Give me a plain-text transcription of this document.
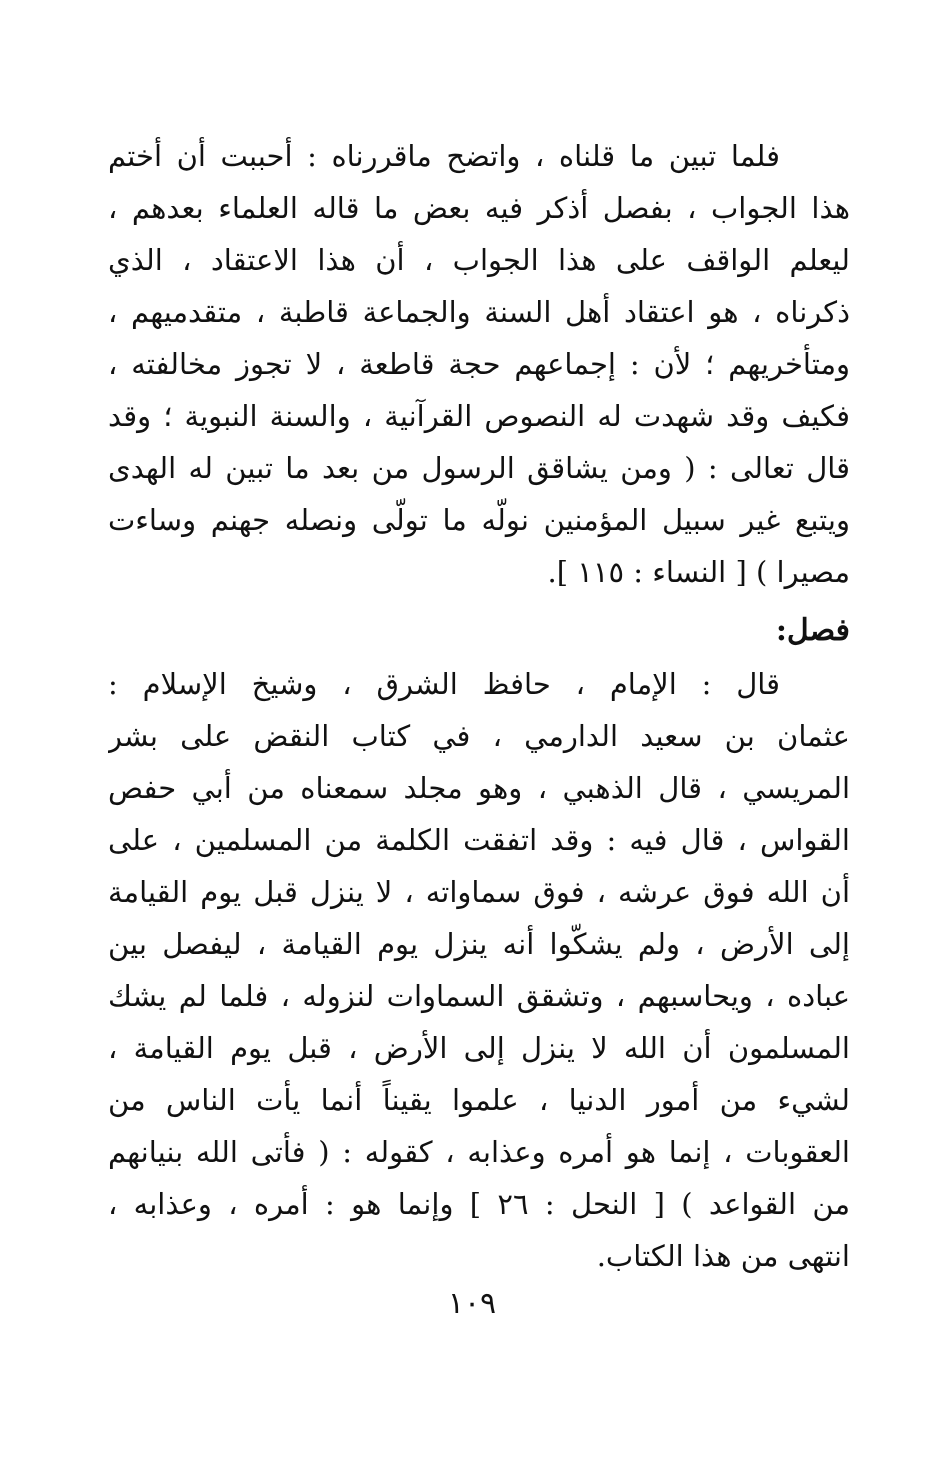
فلما تبين ما قلناه ، واتضح ماقررناه : أحببت أن أختم
هذا الجواب ، بفصل أذكر فيه بعض ما قاله العلماء بعدهم ،
ليعلم الواقف على هذا الجواب ، أن هذا الاعتقاد ، الذي
ذكرناه ، هو اعتقاد أهل السنة والجماعة قاطبة ، متقدميهم ،
ومتأخريهم ؛ لأن : إجماعهم حجة قاطعة ، لا تجوز مخالفته ،
فكيف وقد شهدت له النصوص القرآنية ، والسنة النبوية ؛ وقد
قال تعالى : ( ومن يشاقق الرسول من بعد ما تبين له الهدى
ويتبع غير سبيل المؤمنين نولّه ما تولّى ونصله جهنم وساءت
مصيرا ) [ النساء : ١١٥ ].
فصل:
قال : الإمام ، حافظ الشرق ، وشيخ الإسلام :
عثمان بن سعيد الدارمي ، في كتاب النقض على بشر
المريسي ، قال الذهبي ، وهو مجلد سمعناه من أبي حفص
القواس ، قال فيه : وقد اتفقت الكلمة من المسلمين ، على
أن الله فوق عرشه ، فوق سماواته ، لا ينزل قبل يوم القيامة
إلى الأرض ، ولم يشكّوا أنه ينزل يوم القيامة ، ليفصل بين
عباده ، ويحاسبهم ، وتشقق السماوات لنزوله ، فلما لم يشك
المسلمون أن الله لا ينزل إلى الأرض ، قبل يوم القيامة ،
لشيء من أمور الدنيا ، علموا يقيناً أنما يأت الناس من
العقوبات ، إنما هو أمره وعذابه ، كقوله : ( فأتى الله بنيانهم
من القواعد ) [ النحل : ٢٦ ] وإنما هو : أمره ، وعذابه ،
انتهى من هذا الكتاب.
١٠٩
